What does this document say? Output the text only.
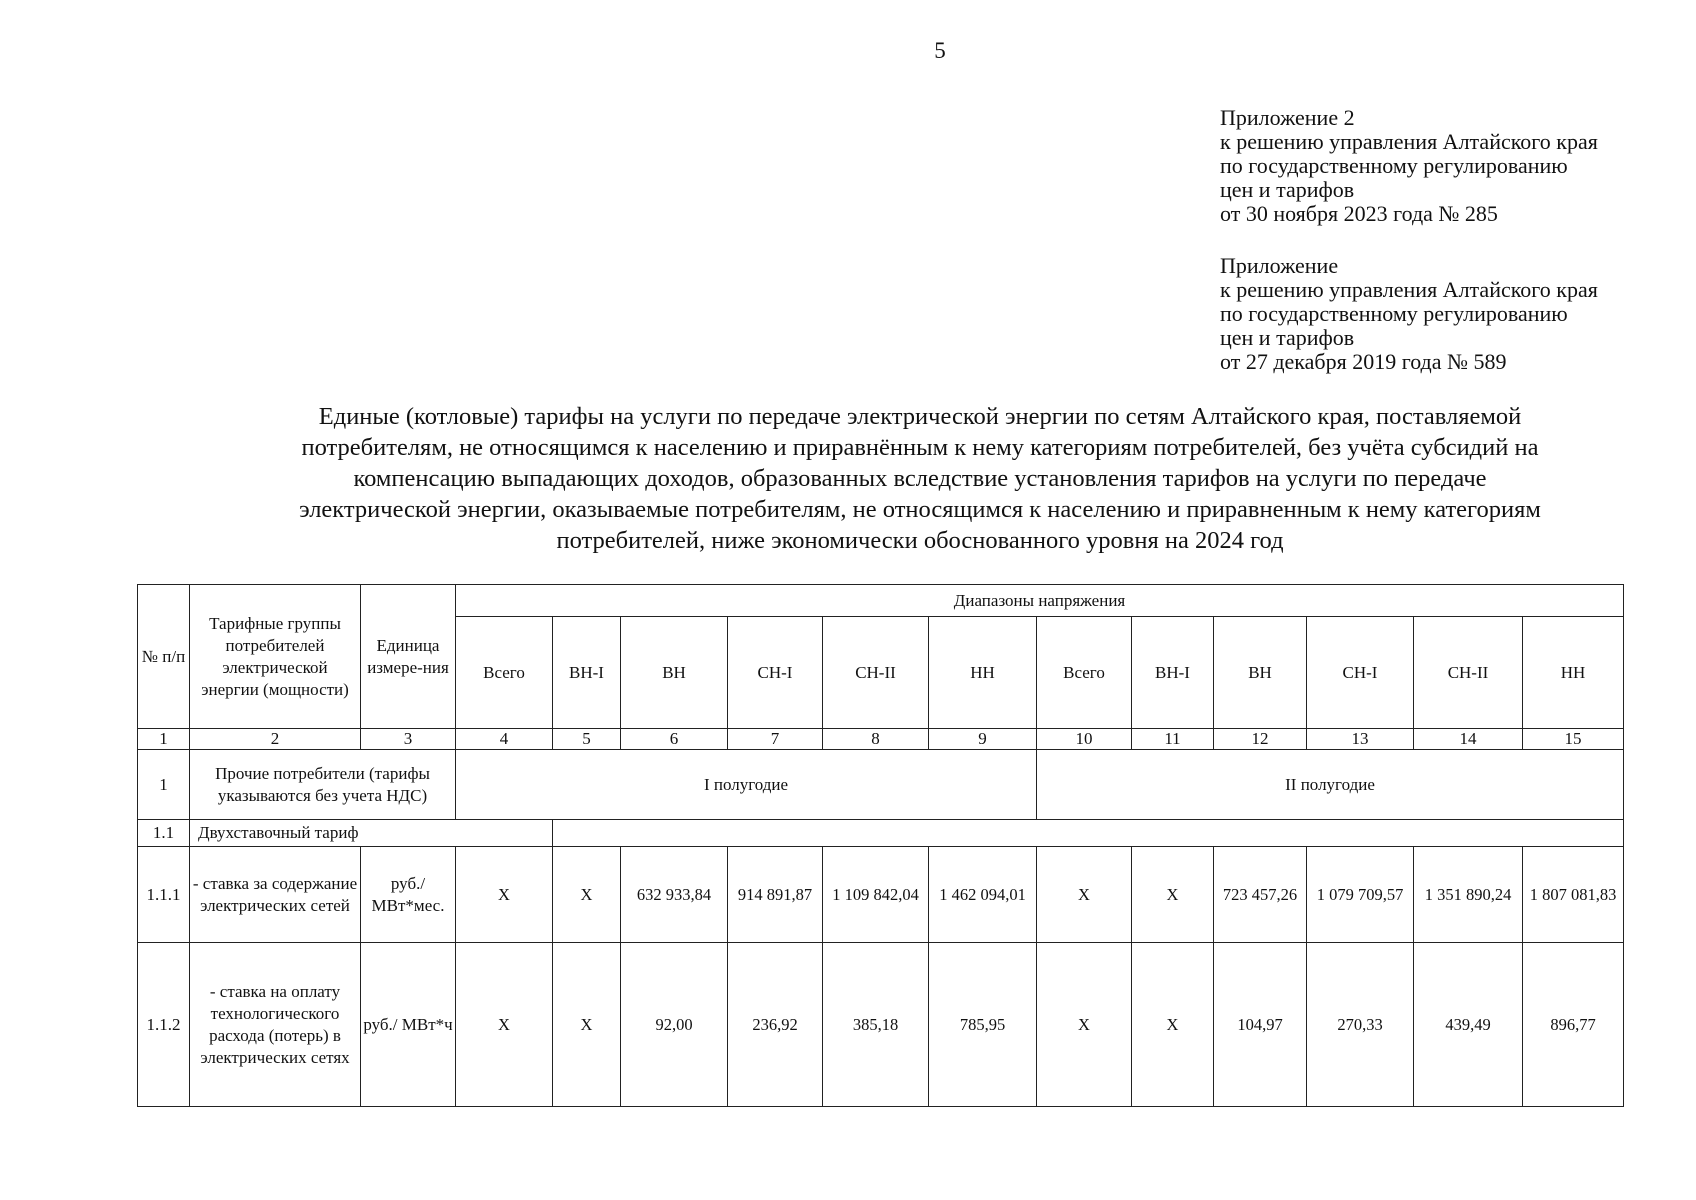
5
Приложение 2
к решению управления Алтайского края
по государственному регулированию
цен и тарифов
от 30 ноября 2023 года № 285
Приложение
к решению управления Алтайского края
по государственному регулированию
цен и тарифов
от 27 декабря 2019 года № 589
Единые (котловые) тарифы на услуги по передаче электрической энергии по сетям Алтайского края, поставляемой
потребителям, не относящимся к населению и приравнённым к нему категориям потребителей, без учёта субсидий на
компенсацию выпадающих доходов, образованных вследствие установления тарифов на услуги по передаче
электрической энергии, оказываемые потребителям, не относящимся к населению и приравненным к нему категориям
потребителей, ниже экономически обоснованного уровня на 2024 год
№ п/п	Тарифные группы потребителей электрической энергии (мощности)	Единица измере-ния	Диапазоны напряжения											
			Всего	ВН-I	ВН	СН-I	СН-II	НН	Всего	ВН-I	ВН	СН-I	СН-II	НН
1	2	3	4	5	6	7	8	9	10	11	12	13	14	15
1	Прочие потребители (тарифы указываются без учета НДС)		I полугодие						II полугодие					
1.1	Двухставочный тариф													
1.1.1	- ставка за содержание электрических сетей	руб./ МВт*мес.	Х	Х	632 933,84	914 891,87	1 109 842,04	1 462 094,01	Х	Х	723 457,26	1 079 709,57	1 351 890,24	1 807 081,83
1.1.2	- ставка на оплату технологического расхода (потерь) в электрических сетях	руб./ МВт*ч	Х	Х	92,00	236,92	385,18	785,95	Х	Х	104,97	270,33	439,49	896,77
